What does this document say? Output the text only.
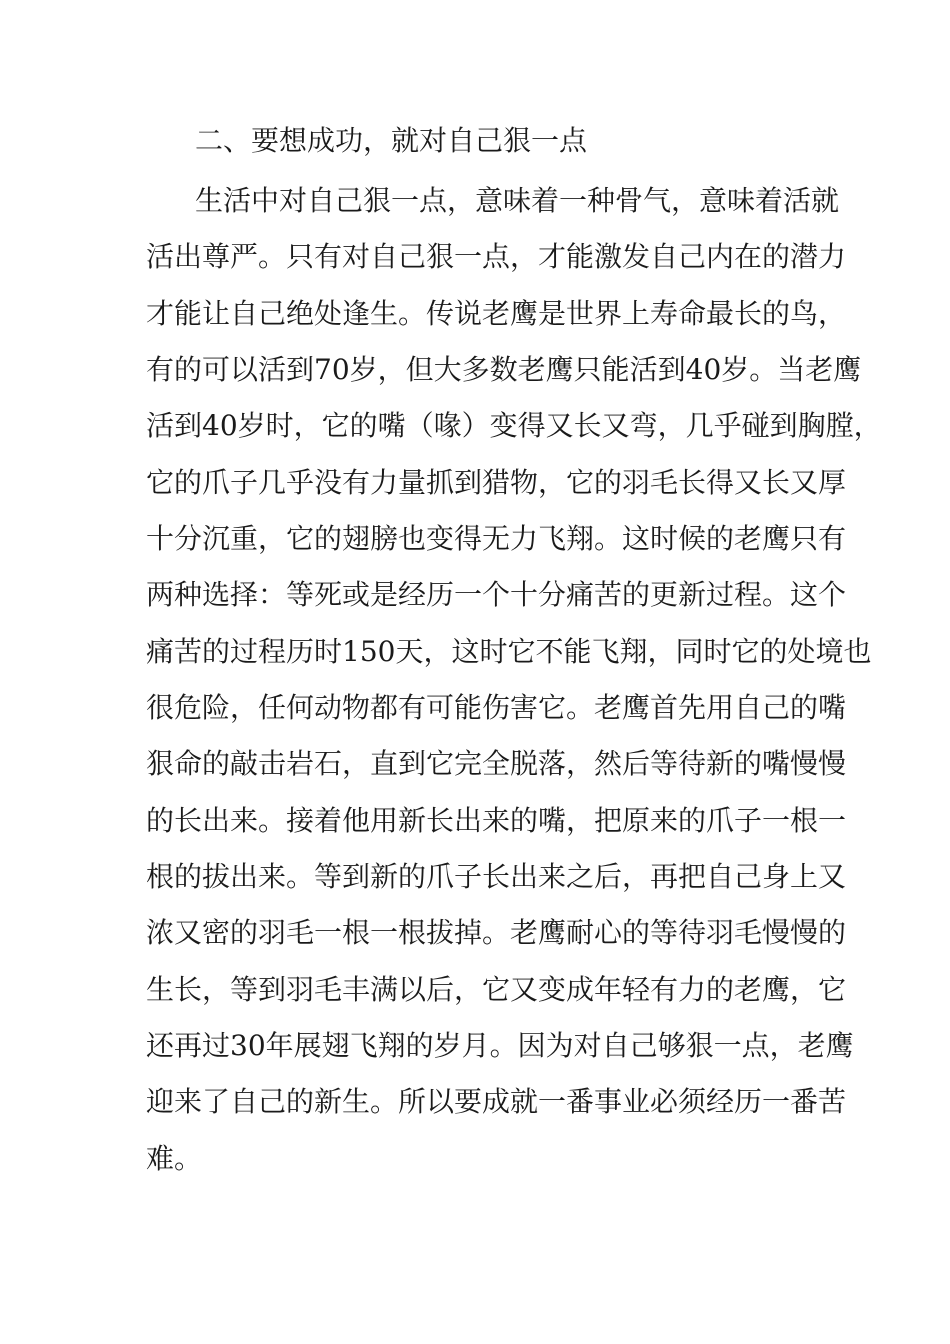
二、要想成功，就对自己狠一点

生活中对自己狠一点，意味着一种骨气，意味着活就

活出尊严。只有对自己狠一点，才能激发自己内在的潜力

才能让自己绝处逢生。传说老鹰是世界上寿命最长的鸟，

有的可以活到70岁，但大多数老鹰只能活到40岁。当老鹰

活到40岁时，它的嘴（喙）变得又长又弯，几乎碰到胸膛，

它的爪子几乎没有力量抓到猎物，它的羽毛长得又长又厚

十分沉重，它的翅膀也变得无力飞翔。这时候的老鹰只有

两种选择：等死或是经历一个十分痛苦的更新过程。这个

痛苦的过程历时150天，这时它不能飞翔，同时它的处境也

很危险，任何动物都有可能伤害它。老鹰首先用自己的嘴

狠命的敲击岩石，直到它完全脱落，然后等待新的嘴慢慢

的长出来。接着他用新长出来的嘴，把原来的爪子一根一

根的拔出来。等到新的爪子长出来之后，再把自己身上又

浓又密的羽毛一根一根拔掉。老鹰耐心的等待羽毛慢慢的

生长，等到羽毛丰满以后，它又变成年轻有力的老鹰，它

还再过30年展翅飞翔的岁月。因为对自己够狠一点，老鹰

迎来了自己的新生。所以要成就一番事业必须经历一番苦

难。
